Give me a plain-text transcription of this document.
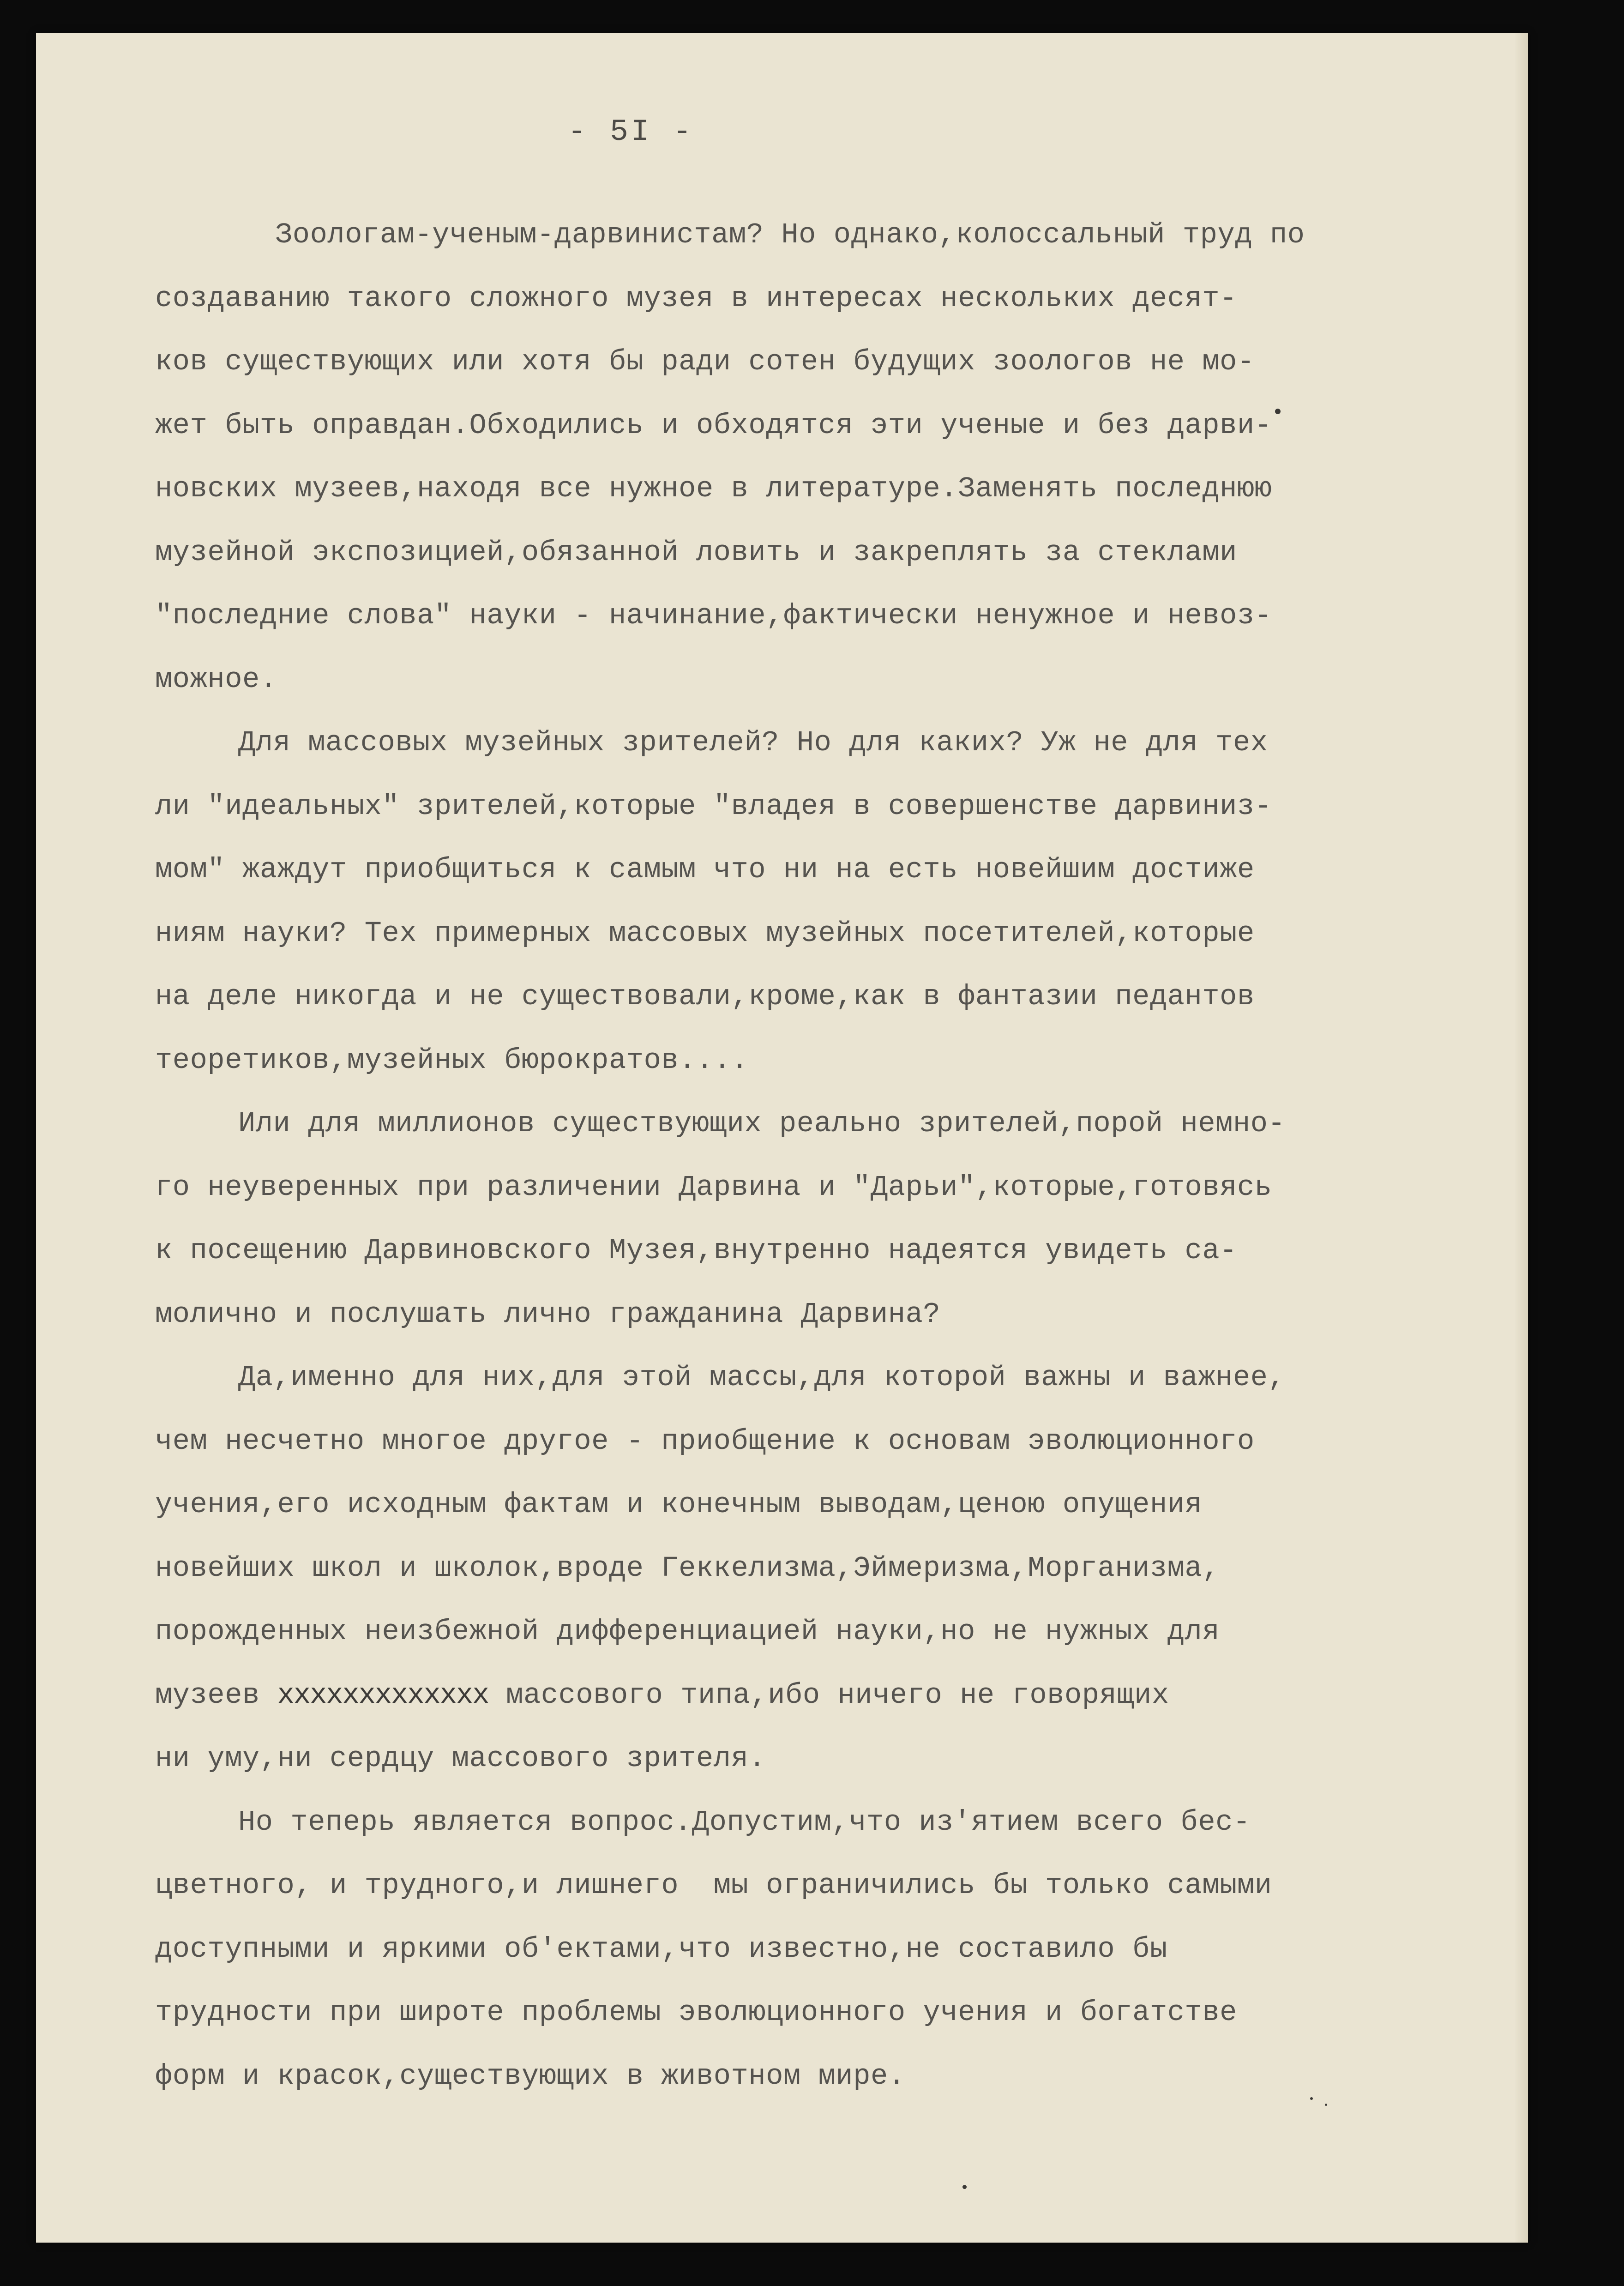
- 5I -
Зоологам-ученым-дарвинистам? Но однако,колоссальный труд по
создаванию такого сложного музея в интересах нескольких десят-
ков существующих или хотя бы ради сотен будущих зоологов не мо-
жет быть оправдан.Обходились и обходятся эти ученые и без дарви-
новских музеев,находя все нужное в литературе.Заменять последнюю
музейной экспозицией,обязанной ловить и закреплять за стеклами
"последние слова" науки - начинание,фактически ненужное и невоз-
можное.
Для массовых музейных зрителей? Но для каких? Уж не для тех
ли "идеальных" зрителей,которые "владея в совершенстве дарвиниз-
мом" жаждут приобщиться к самым что ни на есть новейшим достиже
ниям науки? Тех примерных массовых музейных посетителей,которые
на деле никогда и не существовали,кроме,как в фантазии педантов
теоретиков,музейных бюрократов....
Или для миллионов существующих реально зрителей,порой немно-
го неуверенных при различении Дарвина и "Дарьи",которые,готовясь
к посещению Дарвиновского Музея,внутренно надеятся увидеть са-
молично и послушать лично гражданина Дарвина?
Да,именно для них,для этой массы,для которой важны и важнее,
чем несчетно многое другое - приобщение к основам эволюционного
учения,его исходным фактам и конечным выводам,ценою опущения
новейших школ и школок,вроде Геккелизма,Эймеризма,Морганизма,
порожденных неизбежной дифференциацией науки,но не нужных для
музеев ххххххххххххх массового типа,ибо ничего не говорящих
ни уму,ни сердцу массового зрителя.
Но теперь является вопрос.Допустим,что из'ятием всего бес-
цветного, и трудного,и лишнего  мы ограничились бы только самыми
доступными и яркими об'ектами,что известно,не составило бы
трудности при широте проблемы эволюционного учения и богатстве
форм и красок,существующих в животном мире.
